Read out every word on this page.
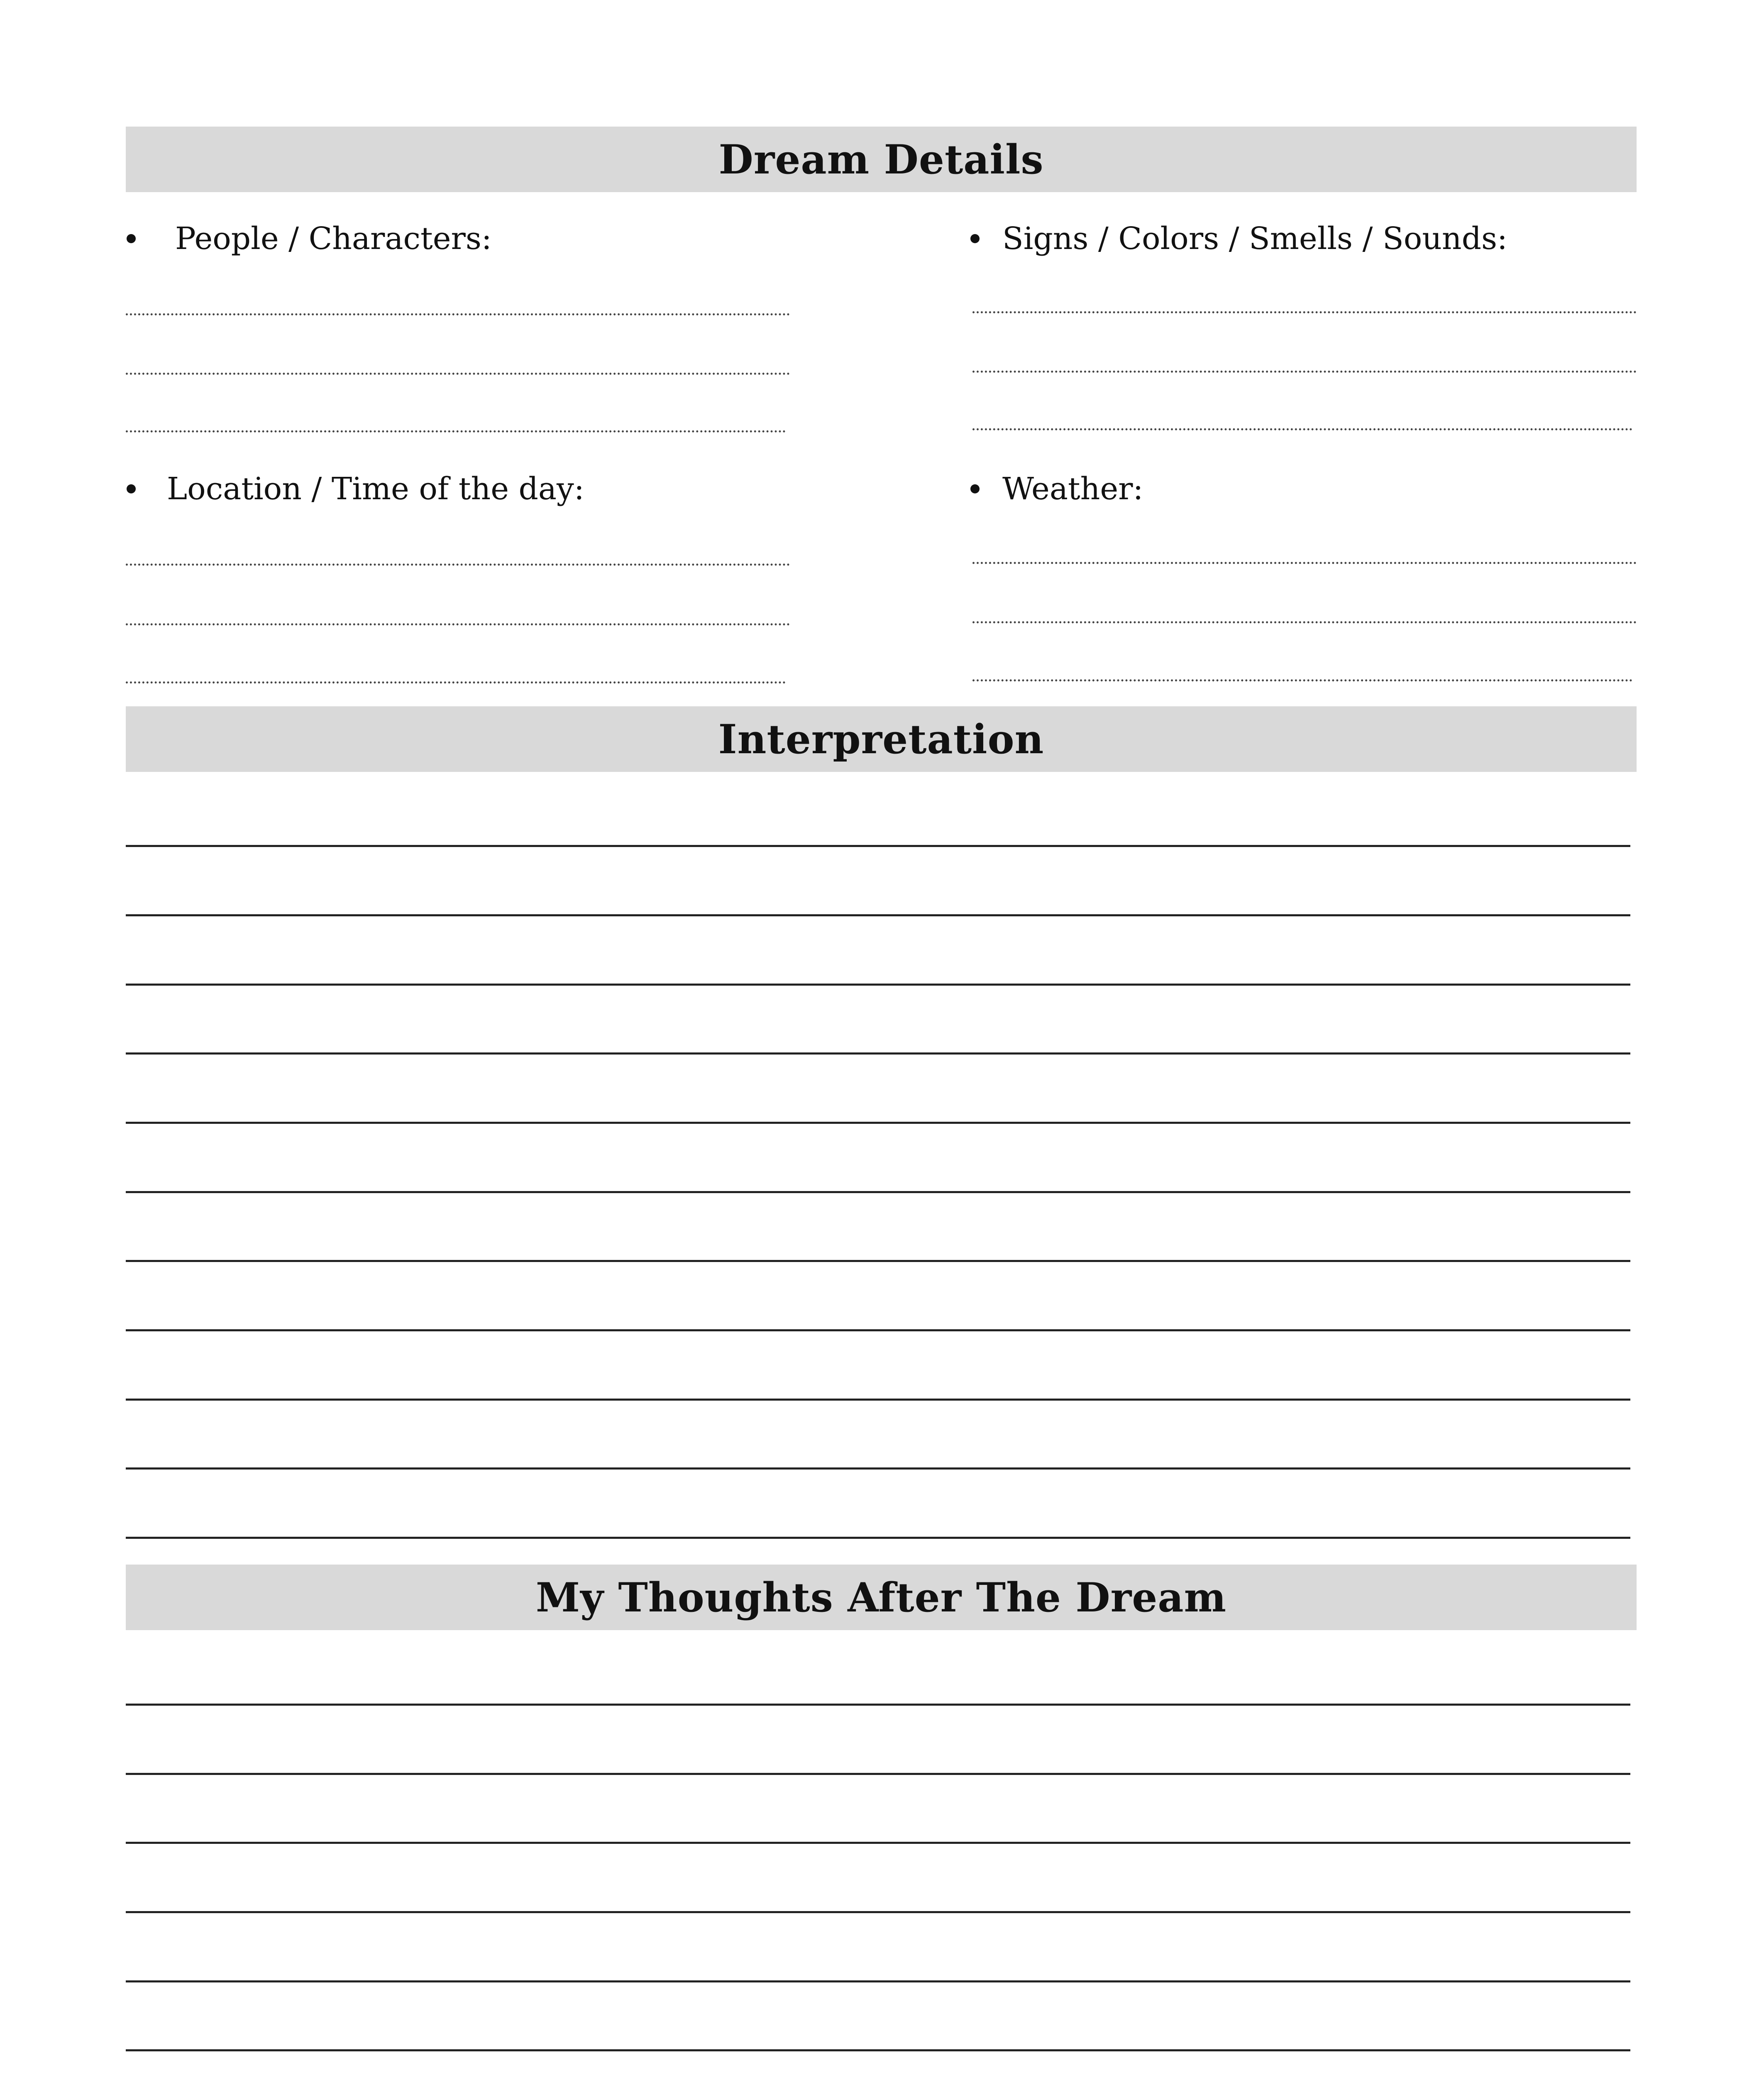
Dream Details
People / Characters:	Signs / Colors / Smells / Sounds:
Location / Time of the day:	Weather:
Interpretation
My Thoughts After The Dream
